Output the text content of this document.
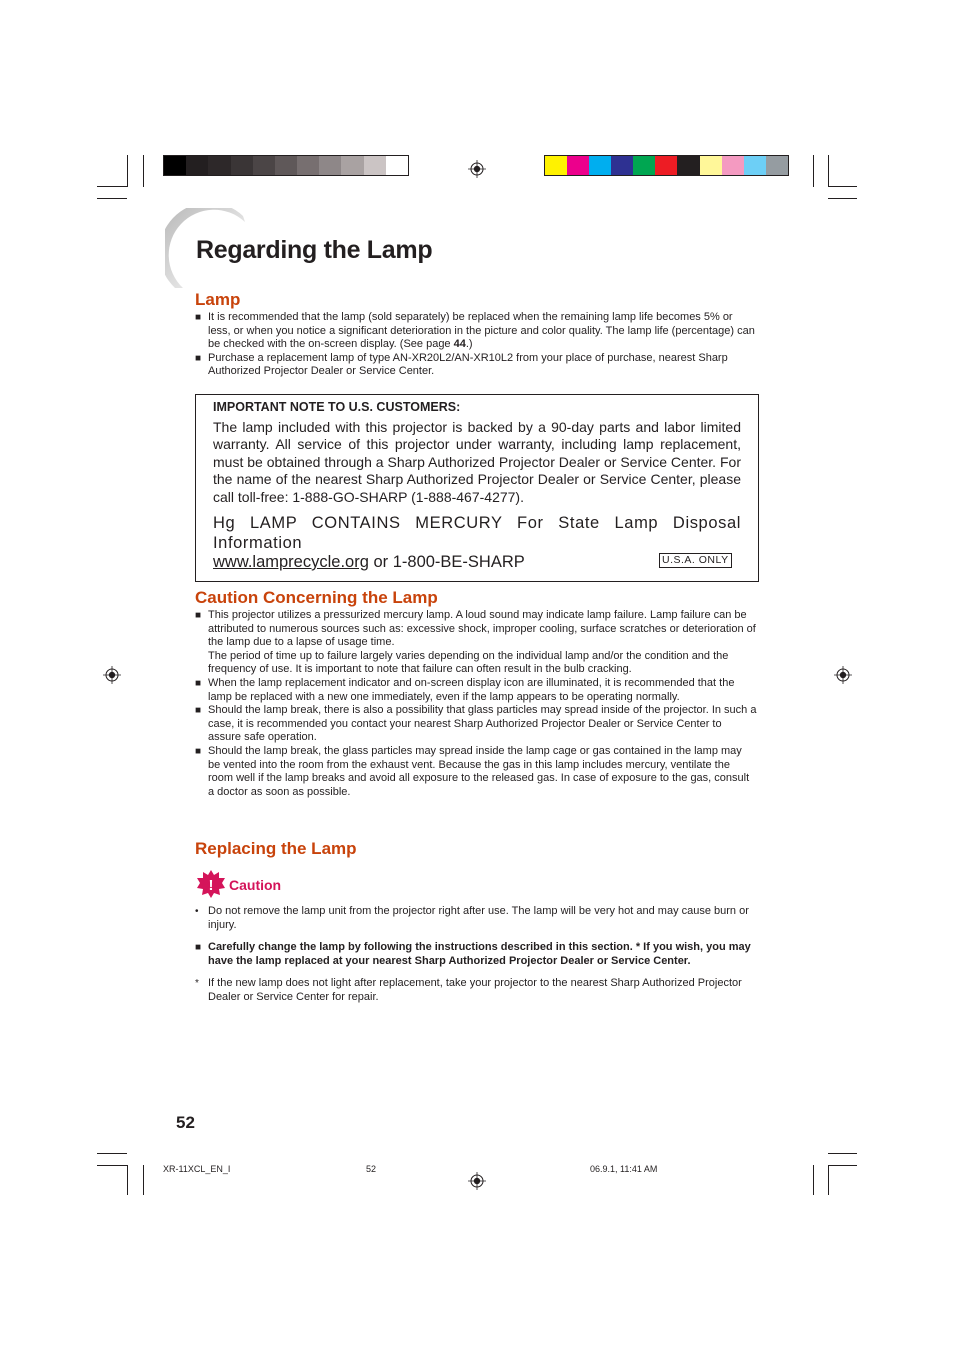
Regarding the Lamp
Lamp
■ It is recommended that the lamp (sold separately) be replaced when the remaining lamp life becomes 5% or less, or when you notice a significant deterioration in the picture and color quality. The lamp life (percentage) can be checked with the on-screen display. (See page 44.)
■ Purchase a replacement lamp of type AN-XR20L2/AN-XR10L2 from your place of purchase, nearest Sharp Authorized Projector Dealer or Service Center.
IMPORTANT NOTE TO U.S. CUSTOMERS:
The lamp included with this projector is backed by a 90-day parts and labor limited warranty. All service of this projector under warranty, including lamp replacement, must be obtained through a Sharp Authorized Projector Dealer or Service Center. For the name of the nearest Sharp Authorized Projector Dealer or Service Center, please call toll-free: 1-888-GO-SHARP (1-888-467-4277).
Hg LAMP CONTAINS MERCURY For State Lamp Disposal Information
www.lamprecycle.org or 1-800-BE-SHARP	U.S.A. ONLY
Caution Concerning the Lamp
■ This projector utilizes a pressurized mercury lamp. A loud sound may indicate lamp failure. Lamp failure can be attributed to numerous sources such as: excessive shock, improper cooling, surface scratches or deterioration of the lamp due to a lapse of usage time.
The period of time up to failure largely varies depending on the individual lamp and/or the condition and the frequency of use. It is important to note that failure can often result in the bulb cracking.
■ When the lamp replacement indicator and on-screen display icon are illuminated, it is recommended that the lamp be replaced with a new one immediately, even if the lamp appears to be operating normally.
■ Should the lamp break, there is also a possibility that glass particles may spread inside of the projector. In such a case, it is recommended you contact your nearest Sharp Authorized Projector Dealer or Service Center to assure safe operation.
■ Should the lamp break, the glass particles may spread inside the lamp cage or gas contained in the lamp may be vented into the room from the exhaust vent. Because the gas in this lamp includes mercury, ventilate the room well if the lamp breaks and avoid all exposure to the released gas. In case of exposure to the gas, consult a doctor as soon as possible.
Replacing the Lamp
! Caution
• Do not remove the lamp unit from the projector right after use. The lamp will be very hot and may cause burn or injury.
■ Carefully change the lamp by following the instructions described in this section. * If you wish, you may have the lamp replaced at your nearest Sharp Authorized Projector Dealer or Service Center.
* If the new lamp does not light after replacement, take your projector to the nearest Sharp Authorized Projector Dealer or Service Center for repair.
52
XR-11XCL_EN_I	52	06.9.1, 11:41 AM
